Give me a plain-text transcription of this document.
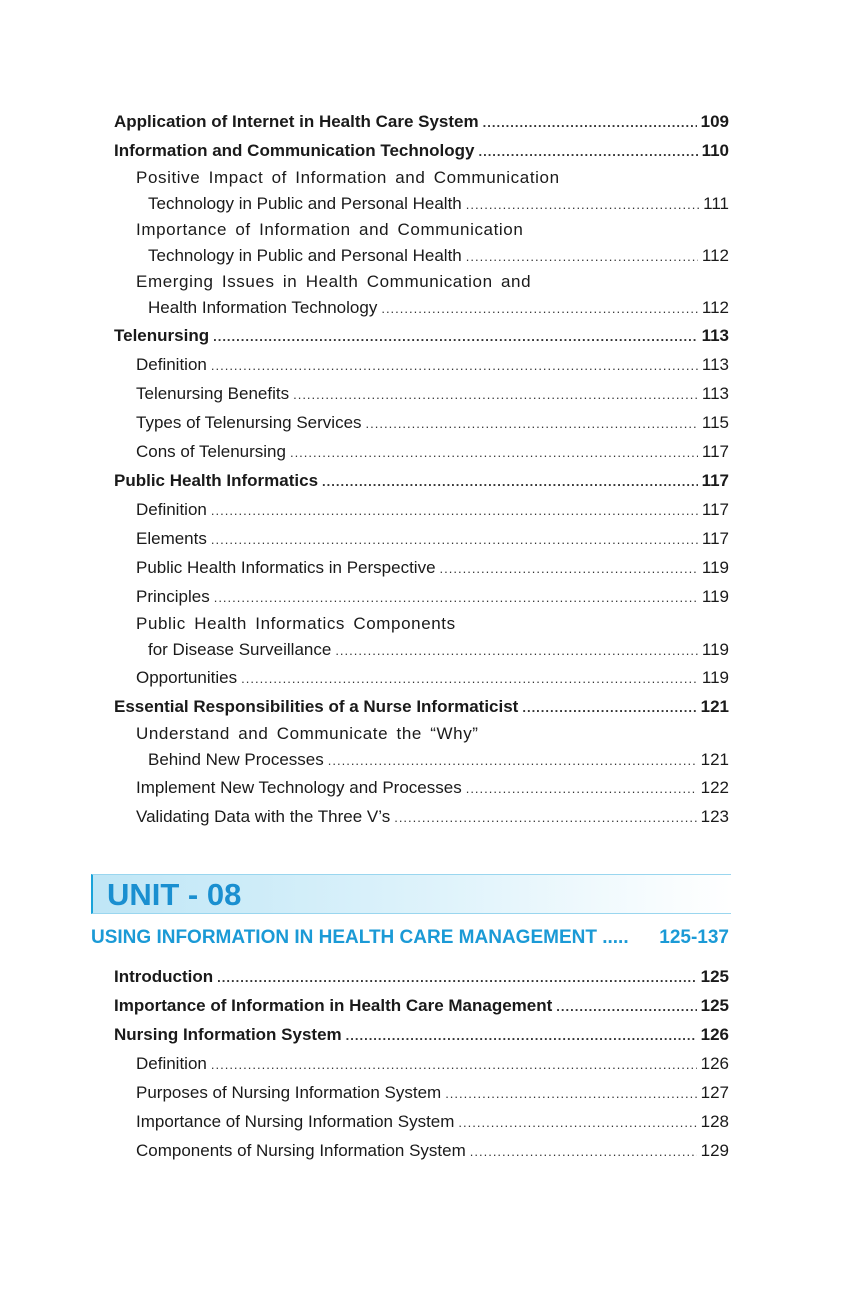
Application of Internet in Health Care System .....	109
Information and Communication Technology .....	110
Positive Impact of Information and Communication
Technology in Public and Personal Health .....	111
Importance of Information and Communication
Technology in Public and Personal Health .....	112
Emerging Issues in Health Communication and
Health Information Technology .....	112
Telenursing .....	113
Definition .....	113
Telenursing Benefits .....	113
Types of Telenursing Services .....	115
Cons of Telenursing .....	117
Public Health Informatics .....	117
Definition .....	117
Elements .....	117
Public Health Informatics in Perspective .....	119
Principles .....	119
Public Health Informatics Components
for Disease Surveillance .....	119
Opportunities .....	119
Essential Responsibilities of a Nurse Informaticist .....	121
Understand and Communicate the “Why”
Behind New Processes .....	121
Implement New Technology and Processes .....	122
Validating Data with the Three V’s .....	123
UNIT - 08
USING INFORMATION IN HEALTH CARE MANAGEMENT ..... 125-137
Introduction .....	125
Importance of Information in Health Care Management .....	125
Nursing Information System .....	126
Definition .....	126
Purposes of Nursing Information System .....	127
Importance of Nursing Information System .....	128
Components of Nursing Information System .....	129
